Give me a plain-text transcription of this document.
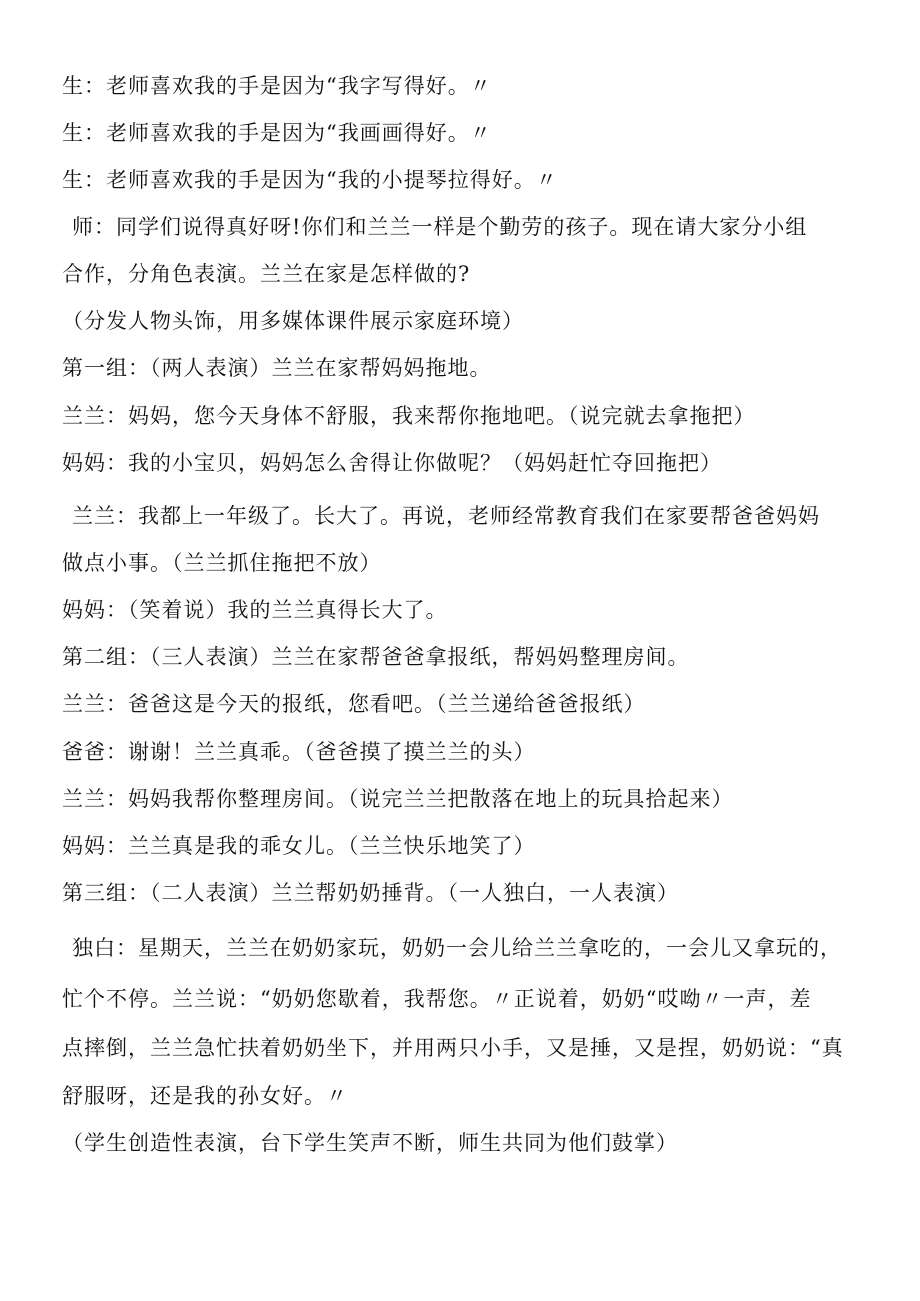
生：老师喜欢我的手是因为“我字写得好。〃
生：老师喜欢我的手是因为“我画画得好。〃
生：老师喜欢我的手是因为“我的小提琴拉得好。〃
师：同学们说得真好呀!你们和兰兰一样是个勤劳的孩子。现在请大家分小组
合作，分角色表演。兰兰在家是怎样做的?
（分发人物头饰，用多媒体课件展示家庭环境）
第一组：（两人表演）兰兰在家帮妈妈拖地。
兰兰：妈妈，您今天身体不舒服，我来帮你拖地吧。（说完就去拿拖把）
妈妈：我的小宝贝，妈妈怎么舍得让你做呢？（妈妈赶忙夺回拖把）
兰兰：我都上一年级了。长大了。再说，老师经常教育我们在家要帮爸爸妈妈
做点小事。（兰兰抓住拖把不放）
妈妈：（笑着说）我的兰兰真得长大了。
第二组：（三人表演）兰兰在家帮爸爸拿报纸，帮妈妈整理房间。
兰兰：爸爸这是今天的报纸，您看吧。（兰兰递给爸爸报纸）
爸爸：谢谢！兰兰真乖。（爸爸摸了摸兰兰的头）
兰兰：妈妈我帮你整理房间。（说完兰兰把散落在地上的玩具拾起来）
妈妈：兰兰真是我的乖女儿。（兰兰快乐地笑了）
第三组：（二人表演）兰兰帮奶奶捶背。（一人独白，一人表演）
独白：星期天，兰兰在奶奶家玩，奶奶一会儿给兰兰拿吃的，一会儿又拿玩的，
忙个不停。兰兰说：“奶奶您歇着，我帮您。〃正说着，奶奶“哎呦〃一声，差
点摔倒，兰兰急忙扶着奶奶坐下，并用两只小手，又是捶，又是捏，奶奶说：“真
舒服呀，还是我的孙女好。〃
（学生创造性表演，台下学生笑声不断，师生共同为他们鼓掌）
